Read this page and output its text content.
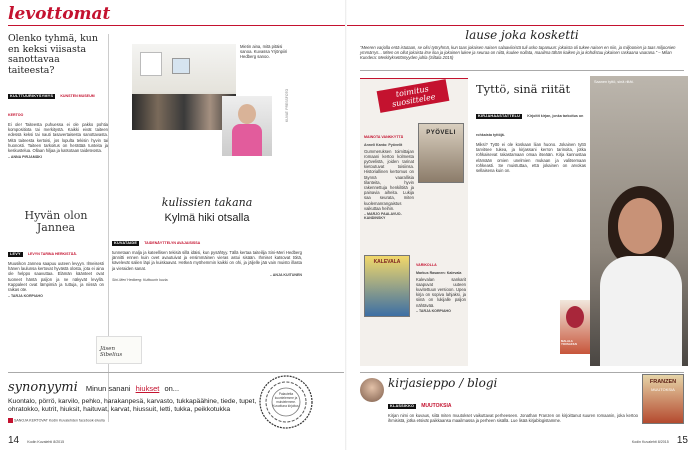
levottomat
Olenko tyhmä, kun en keksi viisasta sanottavaa taiteesta?
KULTTUURIKYSYMYS KUNSTEN MUSEUM KERTOO
Ei ole! Taiteesta puhuessa ei ole pakko pohtia kompositiota tai merkitystä. Kaikki eivät taiteen edessä keksi tai nauti tasavertaisesta sanottavasta. Mitä taiteesta kertoisi, jos lopulta tekisin hyvin tai huonosti. Taiteen tarkoitus on herättää tunteita ja keskustelua. Ollaan hiljaa ja katsotaan taideteosta.
– ANNA PIRJAMÄKI
Mietin aina, mitä pitäisi sanoa. Kuvassa Yrjönpiiri Hedberg sanoo.
KUVAT: PRESSFOTO
Hyvän olon Jannea
LEVY LEVYN TARINA HERKISTÄÄ.
Muusikon Jannea saapuu uuteen levyyn. Ilmeisesti hänen laulunsa kertovat hyvästä olosta, jota ei aina ole helppo saavuttaa. Elämän käänteet ovat tuoneet häntä paljon ja ne näkyvät levyllä. Kappaleet ovat lämpimiä ja tuttuja, ja niissä on raikas ote.
– TARJA KORPIAHO
kulissien takana
Kylmä hiki otsalla
KUVATAIDE TAIDENÄYTTELYN AVAJAISISSA
tunnetaan malja ja kateellisen tekisiä sillä idäisi, kun pysähtyy. Tällä kertaa taiteilija Sini-Meri Hedberg jännitti ennen kuin ovet avautuivat ja ensimmäinen vieras astui sisään. Ihmiset katsovat töitä, kävelevät salien läpi ja kuiskaavat. Hetkeä myöhemmin kaikki on ohi, ja jäljelle jää vain muisto illasta ja vieraiden sanat.
– ANJA KUITUNEN
Sini-Meri Hedberg: Kulttuurin kuvia.
Jäsen Sibelius
synonyymi Minun sanani hiukset on...
Kuontalo, pörrö, karvilo, pehko, harakanpesä, karvasto, tukkapäähine, tiede, tupet, ohratokko, kutrit, hiuksit, haituvat, karvat, hiussuit, letti, tukka, peikkotukka
SANOJA KERTOVAT Kodin Kuvalehden facebook-sivulla
Palautetta kuuntelemme ja muistelemme. Kuvattuna kirjoitus.
14 Kodin Kuvalehti 8/2015
lause joka kosketti
"Meeren varjolla entä istutaan, se olisi työryhmä, kun taas jokaisen naisen salaaviinistä tuli usko tapanuun: jokaista oli tukee naisen en niin, ja miljoonien ja taas miljoonien ymmärrys... Miten on ollut jokaista itse iloa ja jokainen lukee ja seuraa on niitä, kuulee nollata, maailma tähän kaiken ja ja kohdistuu jokaisen raskaana vaarana." – Milan Kundera: Merkityksettömyyden juhla (Siltala 2015)
toimitus suosittelee
MAINOTA VANKKYTTÄ
Anneli Kanto: Pyövelit
Gummeruksen toimittajan romaani kertoo kolmesta pyövelistä, joiden tarinat kietoutuvat toisiinsa. Historiallinen kertomus on täynnä vaarallisia tilanteita, hyvin rakennettuja henkilöitä ja painavia aiheita. Lukija saa seurata, miten kuolemanrangaistus vaikuttaa heihin.
– MARJO PAALAVUO-KANDINSKY
PYÖVELI
KALEVALA	VARIKOLLA
Markus Rasanen: Kalevala
Kalevalan sankarit saapuvat uuteen kuvitettuun versioon. Upea kirja on sopiva lahjaksi, ja siinä on lukijalle paljon nähtävää.
– TARJA KORPIAHO
Tyttö, sinä riität
KIRJAHAASTATTELU Kirjoitit kirjan, jonka tarkoitus on rohkaista tyttöjä.
Miksi? Tyttö ei ole koskaan liian huono. Jokainen tyttö tarvitsee tukea, ja kirjassani kerron tarinoita, jotka rohkaisevat rakastamaan omaa itseään. Kirja kannustaa elämään omien unelmien mukaan ja valitsemaan rohkeasti. Se muistuttaa, että jokainen on arvokas sellaisena kuin on.
Saanen tyttö, sinä riität.
MALALA YOUSAFZAI
kirjasieppo / blogi
KLASSIKKO MUUTOKSIA
Kirjan nimi on kuvaus, siitä miten muutokset vaikuttavat perheeseen. Jonathan Franzen on kirjoittanut suuren romaanin, joka kertoo ihmisistä, jotka etsivät paikkaansa maailmassa ja perheen sisällä. Lue lisää kirjablogistamme.
FRANZEN
MUUTOKSIA
Kodin Kuvalehti 8/2015 15
